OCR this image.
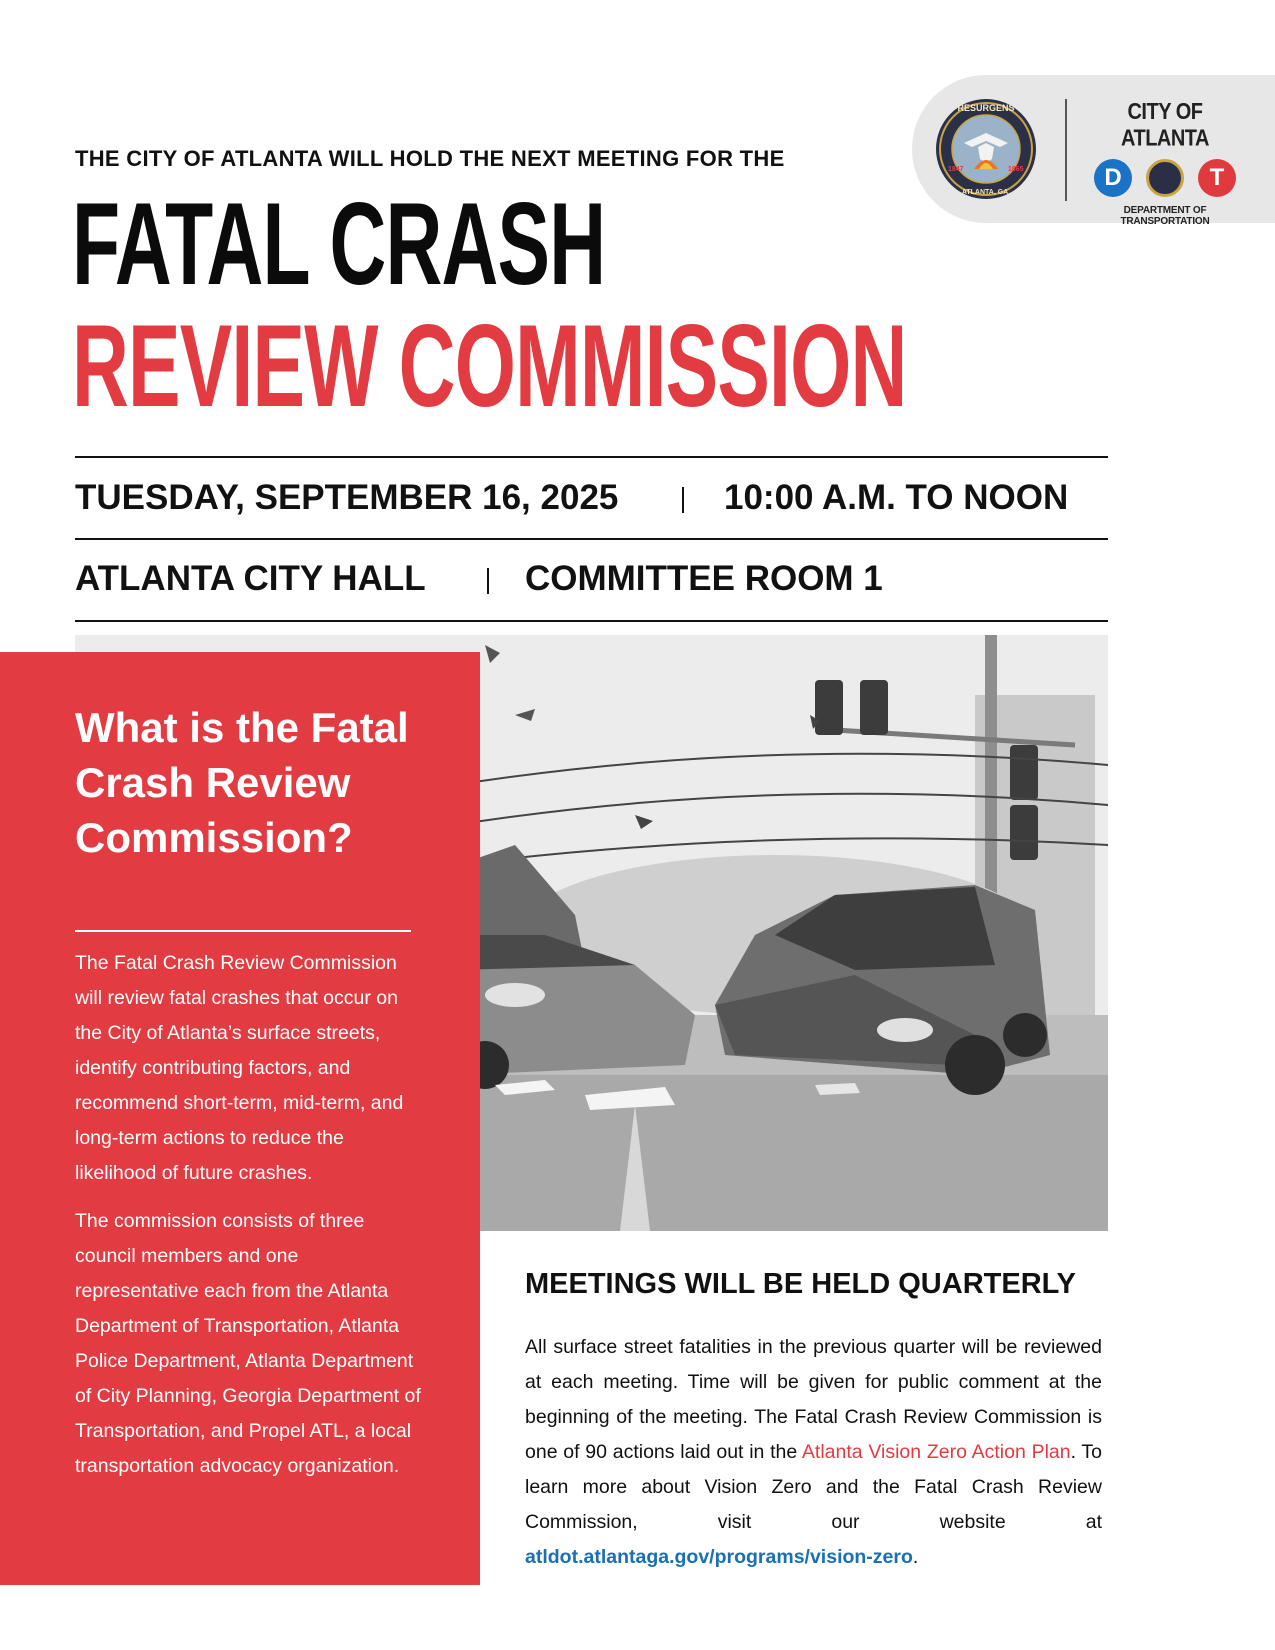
RESURGENS
ATLANTA, GA.
1847	1865
CITY OF ATLANTA
D	T
DEPARTMENT OF TRANSPORTATION
THE CITY OF ATLANTA WILL HOLD THE NEXT MEETING FOR THE
FATAL CRASH
REVIEW COMMISSION
TUESDAY, SEPTEMBER 16, 2025	10:00 A.M. TO NOON
ATLANTA CITY HALL	COMMITTEE ROOM 1
What is the Fatal Crash Review Commission?
The Fatal Crash Review Commission will review fatal crashes that occur on the City of Atlanta’s surface streets, identify contributing factors, and recommend short-term, mid-term, and long-term actions to reduce the likelihood of future crashes.
The commission consists of three council members and one representative each from the Atlanta Department of Transportation, Atlanta Police Department, Atlanta Department of City Planning, Georgia Department of Transportation, and Propel ATL, a local transportation advocacy organization.
MEETINGS WILL BE HELD QUARTERLY
All surface street fatalities in the previous quarter will be reviewed at each meeting. Time will be given for public comment at the beginning of the meeting. The Fatal Crash Review Commission is one of 90 actions laid out in the Atlanta Vision Zero Action Plan. To learn more about Vision Zero and the Fatal Crash Review Commission, visit our website at atldot.atlantaga.gov/programs/vision-zero.
